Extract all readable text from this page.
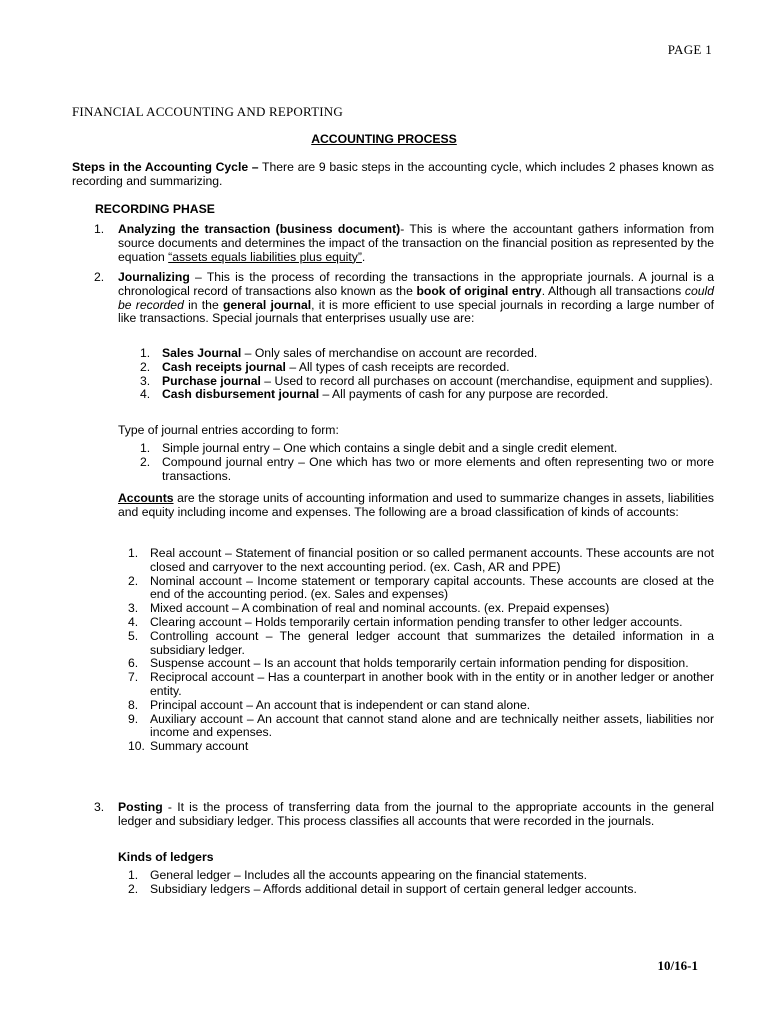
PAGE 1
FINANCIAL ACCOUNTING AND REPORTING
ACCOUNTING PROCESS
Steps in the Accounting Cycle – There are 9 basic steps in the accounting cycle, which includes 2 phases known as recording and summarizing.
RECORDING PHASE
1.	Analyzing the transaction (business document)- This is where the accountant gathers information from source documents and determines the impact of the transaction on the financial position as represented by the equation “assets equals liabilities plus equity”.
2.	Journalizing – This is the process of recording the transactions in the appropriate journals. A journal is a chronological record of transactions also known as the book of original entry. Although all transactions could be recorded in the general journal, it is more efficient to use special journals in recording a large number of like transactions. Special journals that enterprises usually use are:
1. Sales Journal – Only sales of merchandise on account are recorded.
2. Cash receipts journal – All types of cash receipts are recorded.
3. Purchase journal – Used to record all purchases on account (merchandise, equipment and supplies).
4. Cash disbursement journal – All payments of cash for any purpose are recorded.
Type of journal entries according to form:
1. Simple journal entry – One which contains a single debit and a single credit element.
2. Compound journal entry – One which has two or more elements and often representing two or more transactions.
Accounts are the storage units of accounting information and used to summarize changes in assets, liabilities and equity including income and expenses. The following are a broad classification of kinds of accounts:
1. Real account – Statement of financial position or so called permanent accounts. These accounts are not closed and carryover to the next accounting period. (ex. Cash, AR and PPE)
2. Nominal account – Income statement or temporary capital accounts. These accounts are closed at the end of the accounting period. (ex. Sales and expenses)
3. Mixed account – A combination of real and nominal accounts. (ex. Prepaid expenses)
4. Clearing account – Holds temporarily certain information pending transfer to other ledger accounts.
5. Controlling account – The general ledger account that summarizes the detailed information in a subsidiary ledger.
6. Suspense account – Is an account that holds temporarily certain information pending for disposition.
7. Reciprocal account – Has a counterpart in another book with in the entity or in another ledger or another entity.
8. Principal account – An account that is independent or can stand alone.
9. Auxiliary account – An account that cannot stand alone and are technically neither assets, liabilities nor income and expenses.
10. Summary account
3.	Posting - It is the process of transferring data from the journal to the appropriate accounts in the general ledger and subsidiary ledger. This process classifies all accounts that were recorded in the journals.
Kinds of ledgers
1. General ledger – Includes all the accounts appearing on the financial statements.
2. Subsidiary ledgers – Affords additional detail in support of certain general ledger accounts.
10/16-1
